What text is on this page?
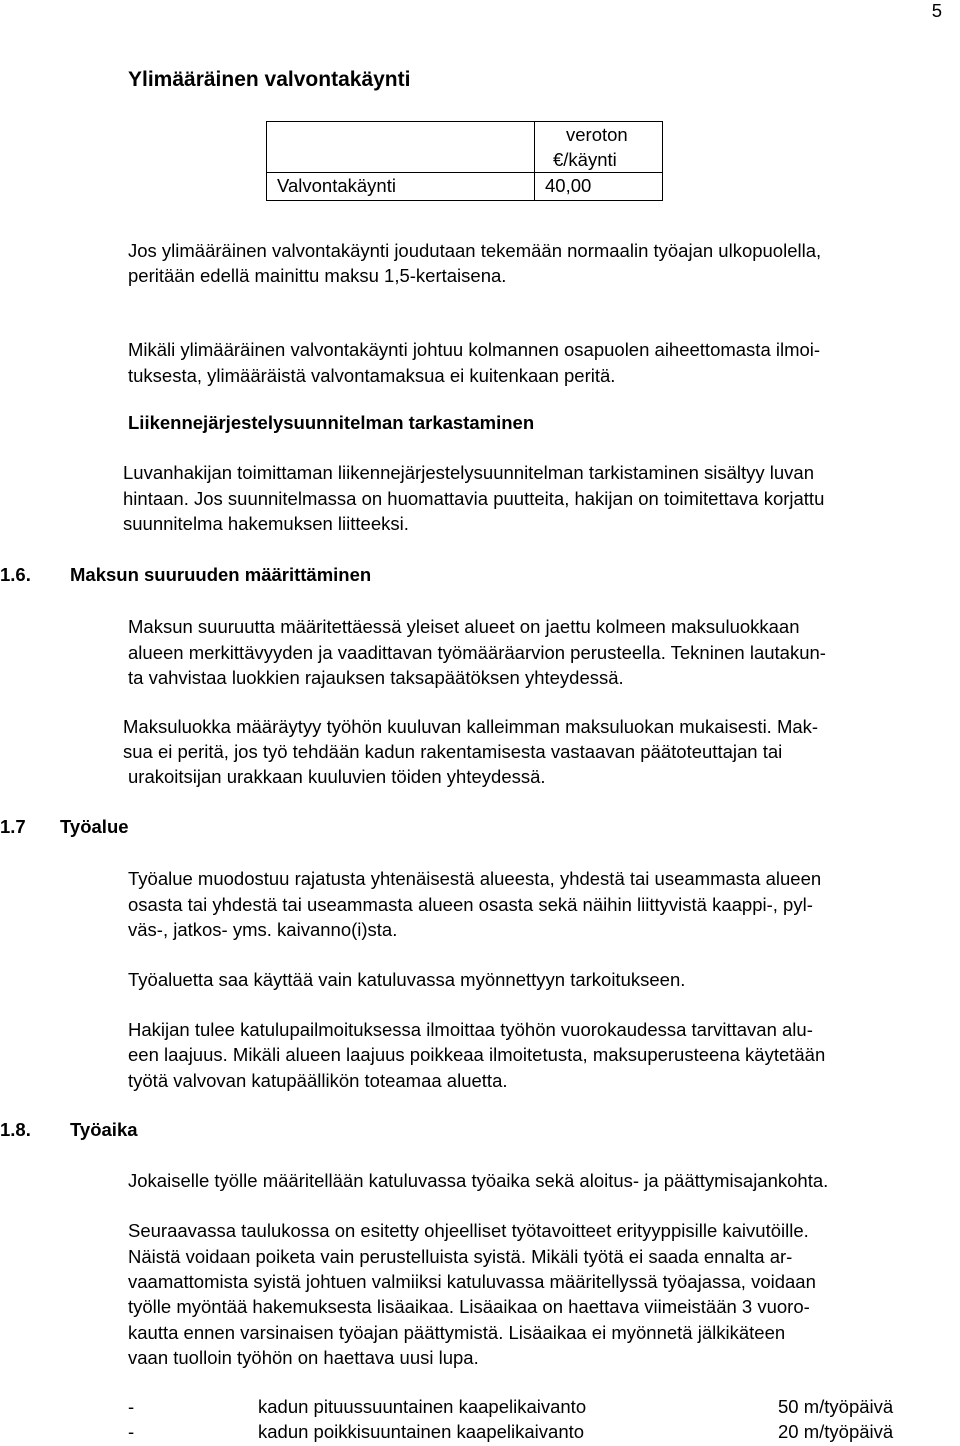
5
Ylimääräinen valvontakäynti

	veroton
€/käynti

Valvontakäynti	40,00
Jos ylimääräinen valvontakäynti joudutaan tekemään normaalin työajan ulkopuolella,
peritään edellä mainittu maksu 1,5-kertaisena.
Mikäli ylimääräinen valvontakäynti johtuu kolmannen osapuolen aiheettomasta ilmoi-
tuksesta, ylimääräistä valvontamaksua ei kuitenkaan peritä.
Liikennejärjestelysuunnitelman tarkastaminen
Luvanhakijan toimittaman liikennejärjestelysuunnitelman tarkistaminen sisältyy luvan
hintaan. Jos suunnitelmassa on huomattavia puutteita, hakijan on toimitettava korjattu
suunnitelma hakemuksen liitteeksi.
1.6. Maksun suuruuden määrittäminen
Maksun suuruutta määritettäessä yleiset alueet on jaettu kolmeen maksuluokkaan
alueen merkittävyyden ja vaadittavan työmääräarvion perusteella. Tekninen lautakun-
ta vahvistaa luokkien rajauksen taksapäätöksen yhteydessä.
Maksuluokka määräytyy työhön kuuluvan kalleimman maksuluokan mukaisesti. Mak-
sua ei peritä, jos työ tehdään kadun rakentamisesta vastaavan päätoteuttajan tai
urakoitsijan urakkaan kuuluvien töiden yhteydessä.
1.7 Työalue
Työalue muodostuu rajatusta yhtenäisestä alueesta, yhdestä tai useammasta alueen
osasta tai yhdestä tai useammasta alueen osasta sekä näihin liittyvistä kaappi-, pyl-
väs-, jatkos- yms. kaivanno(i)sta.
Työaluetta saa käyttää vain katuluvassa myönnettyyn tarkoitukseen.
Hakijan tulee katulupailmoituksessa ilmoittaa työhön vuorokaudessa tarvittavan alu-
een laajuus. Mikäli alueen laajuus poikkeaa ilmoitetusta, maksuperusteena käytetään
työtä valvovan katupäällikön toteamaa aluetta.
1.8. Työaika
Jokaiselle työlle määritellään katuluvassa työaika sekä aloitus- ja päättymisajankohta.
Seuraavassa taulukossa on esitetty ohjeelliset työtavoitteet erityyppisille kaivutöille.
Näistä voidaan poiketa vain perustelluista syistä. Mikäli työtä ei saada ennalta ar-
vaamattomista syistä johtuen valmiiksi katuluvassa määritellyssä työajassa, voidaan
työlle myöntää hakemuksesta lisäaikaa. Lisäaikaa on haettava viimeistään 3 vuoro-
kautta ennen varsinaisen työajan päättymistä. Lisäaikaa ei myönnetä jälkikäteen
vaan tuolloin työhön on haettava uusi lupa.
-	kadun pituussuuntainen kaapelikaivanto	50 m/työpäivä
-	kadun poikkisuuntainen kaapelikaivanto	20 m/työpäivä
